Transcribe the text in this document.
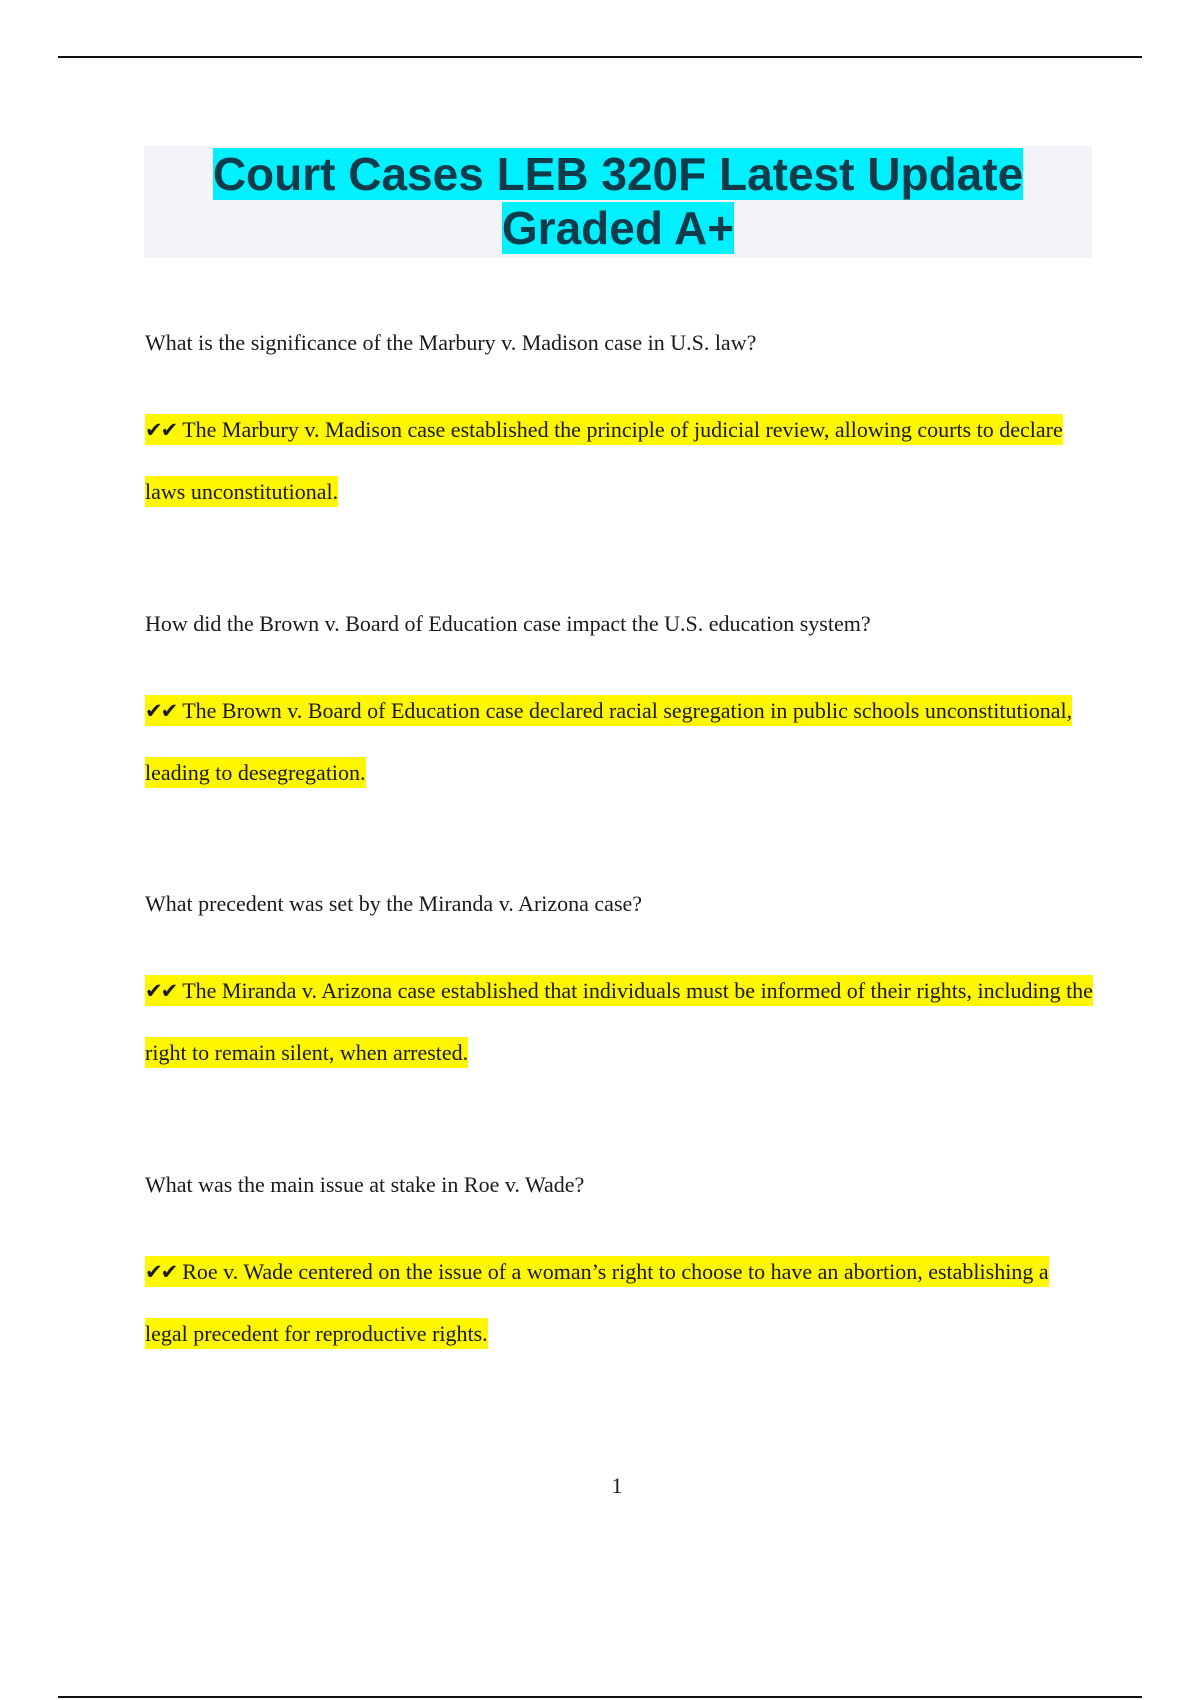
Court Cases LEB 320F Latest Update Graded A+

What is the significance of the Marbury v. Madison case in U.S. law?

✔✔ The Marbury v. Madison case established the principle of judicial review, allowing courts to declare laws unconstitutional.

How did the Brown v. Board of Education case impact the U.S. education system?

✔✔ The Brown v. Board of Education case declared racial segregation in public schools unconstitutional, leading to desegregation.

What precedent was set by the Miranda v. Arizona case?

✔✔ The Miranda v. Arizona case established that individuals must be informed of their rights, including the right to remain silent, when arrested.

What was the main issue at stake in Roe v. Wade?

✔✔ Roe v. Wade centered on the issue of a woman’s right to choose to have an abortion, establishing a legal precedent for reproductive rights.

1
